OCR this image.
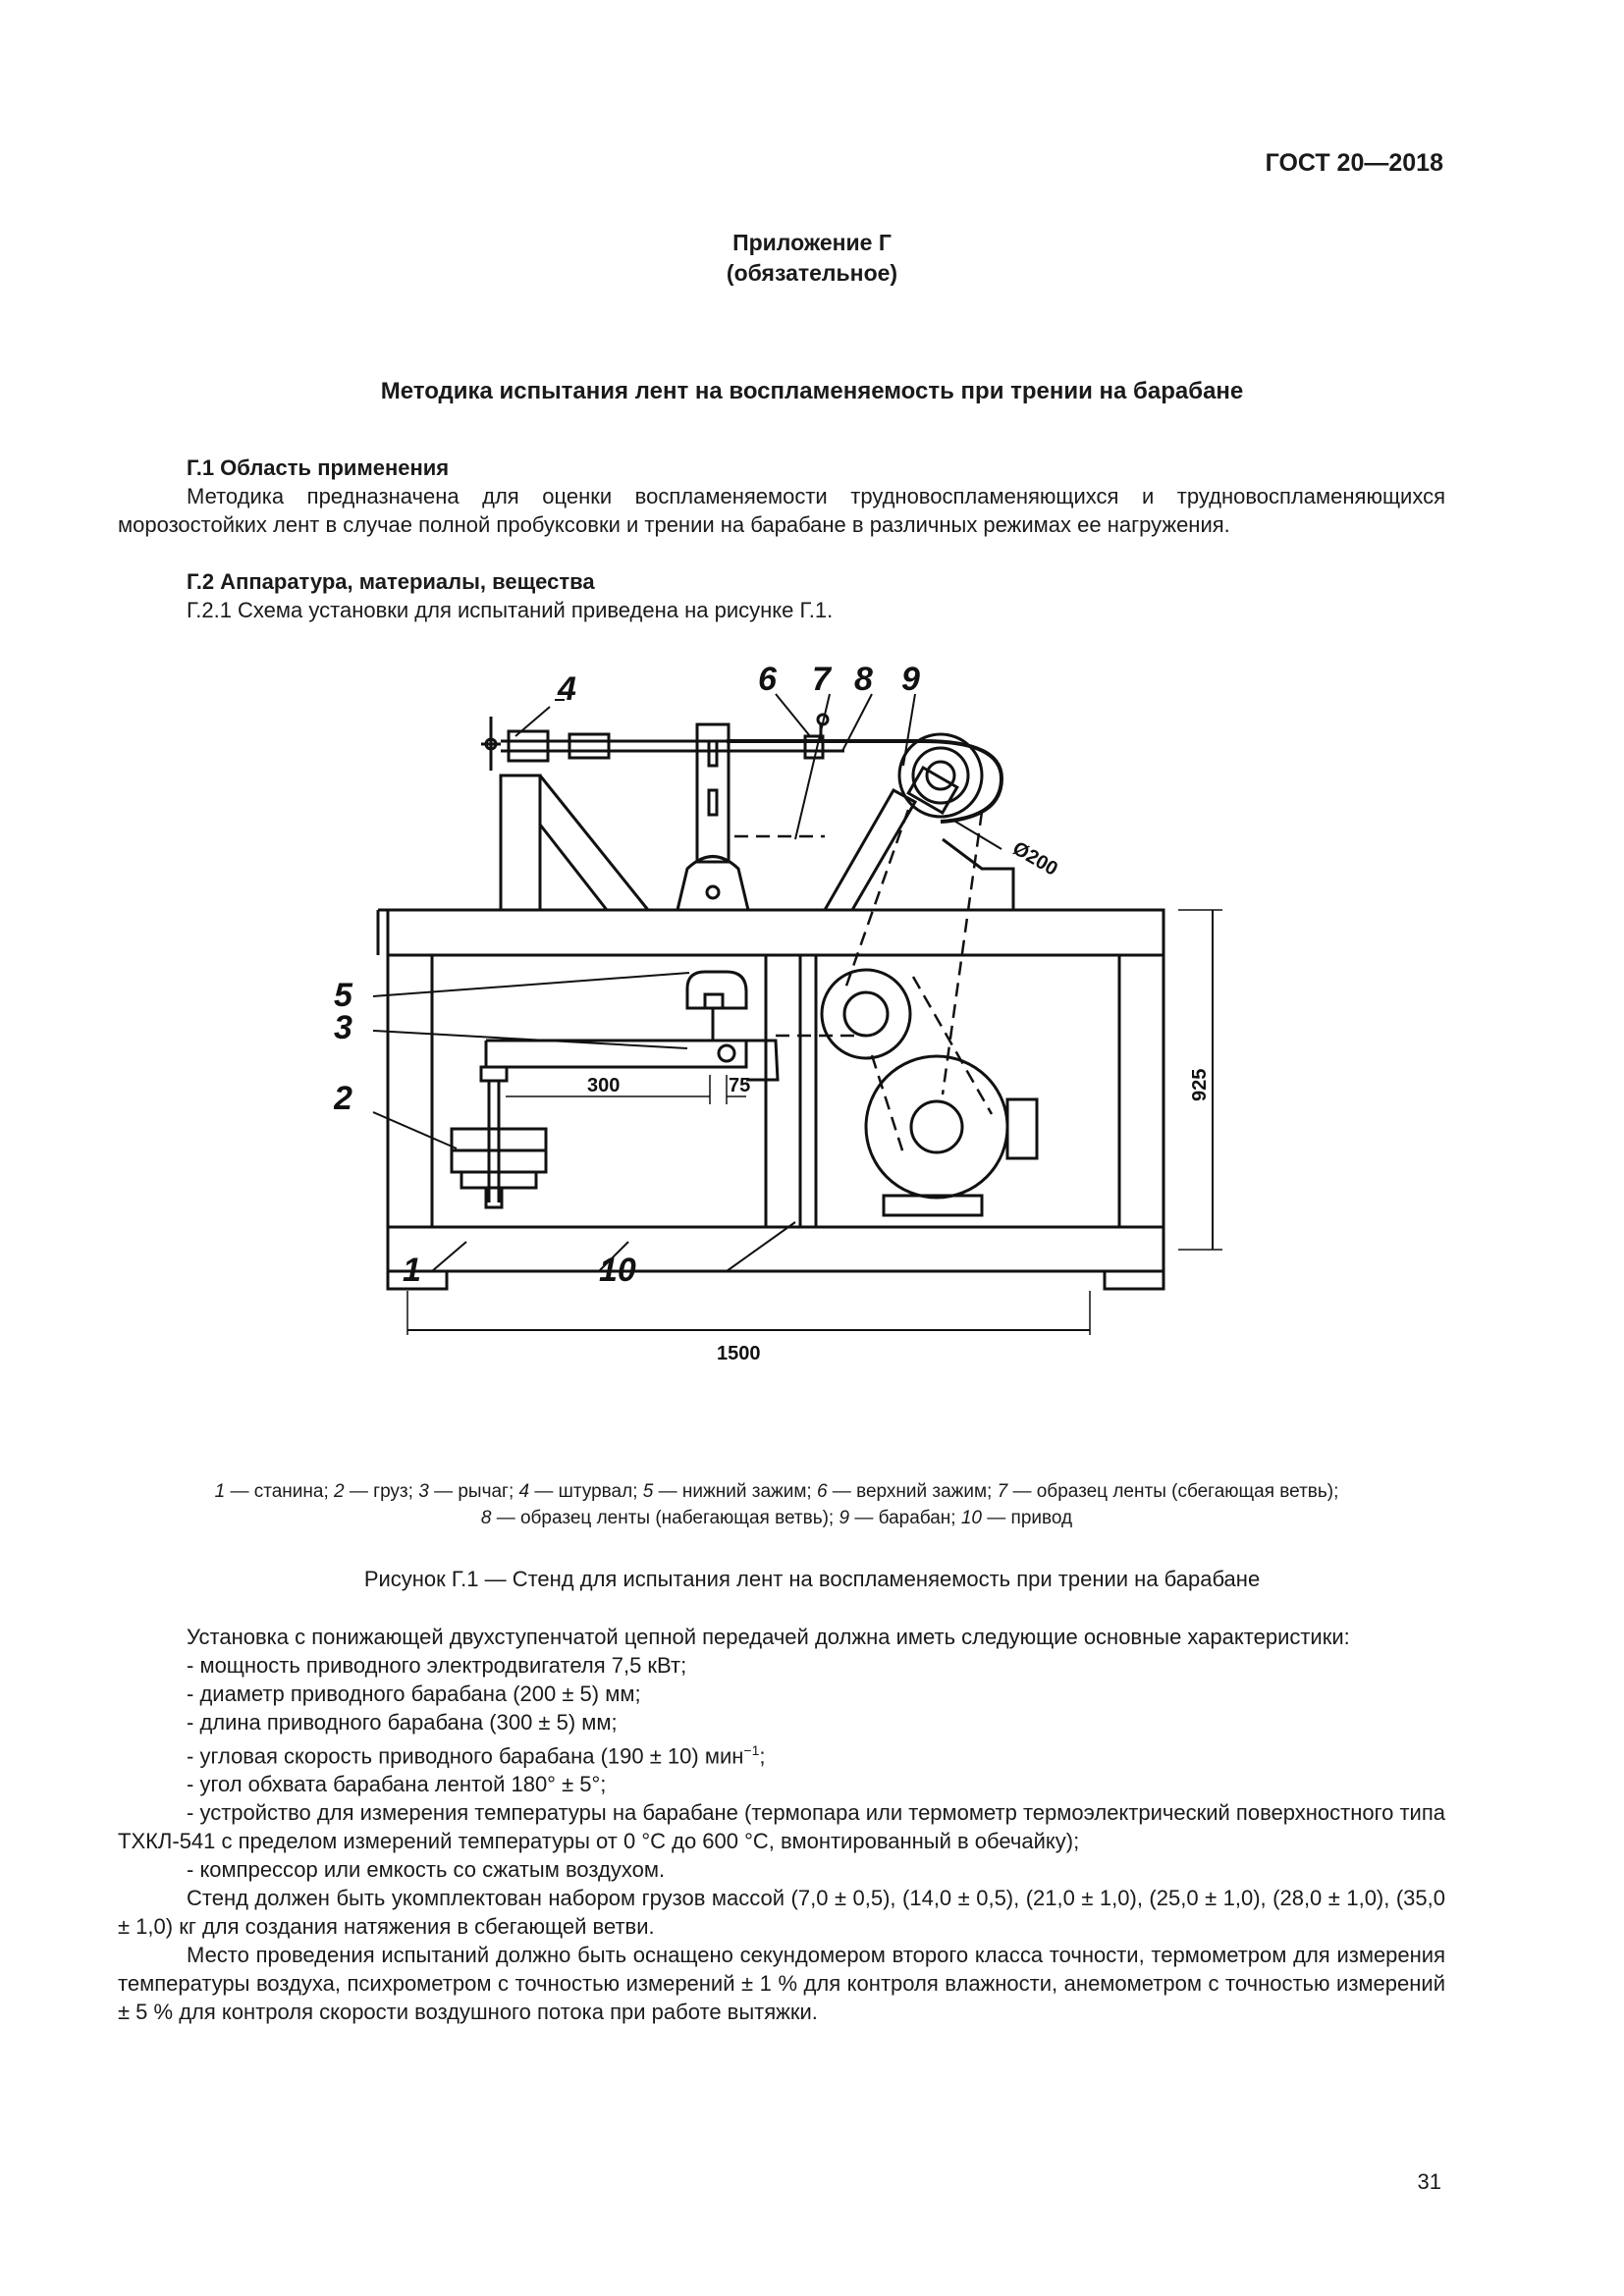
ГОСТ 20—2018
Приложение Г
(обязательное)
Методика испытания лент на воспламеняемость при трении на барабане

Г.1 Область применения

Методика предназначена для оценки воспламеняемости трудновоспламеняющихся и трудновоспламеняющихся морозостойких лент в случае полной пробуксовки и трении на барабане в различных режимах ее нагружения.

Г.2 Аппаратура, материалы, вещества

Г.2.1 Схема установки для испытаний приведена на рисунке Г.1.

4	6 7 8 9
5
3
2
1	10
1500
925
300	75
Ø200
1 — станина; 2 — груз; 3 — рычаг; 4 — штурвал; 5 — нижний зажим; 6 — верхний зажим; 7 — образец ленты (сбегающая ветвь);
8 — образец ленты (набегающая ветвь); 9 — барабан; 10 — привод
Рисунок Г.1 — Стенд для испытания лент на воспламеняемость при трении на барабане

Установка с понижающей двухступенчатой цепной передачей должна иметь следующие основные характеристики:

- мощность приводного электродвигателя 7,5 кВт;

- диаметр приводного барабана (200 ± 5) мм;

- длина приводного барабана (300 ± 5) мм;

- угловая скорость приводного барабана (190 ± 10) мин$^{-1}$;

- угол обхвата барабана лентой 180° ± 5°;

- устройство для измерения температуры на барабане (термопара или термометр термоэлектрический поверхностного типа ТХКЛ-541 с пределом измерений температуры от 0 °С до 600 °С, вмонтированный в обечайку);

- компрессор или емкость со сжатым воздухом.

Стенд должен быть укомплектован набором грузов массой (7,0 ± 0,5), (14,0 ± 0,5), (21,0 ± 1,0), (25,0 ± 1,0), (28,0 ± 1,0), (35,0 ± 1,0) кг для создания натяжения в сбегающей ветви.

Место проведения испытаний должно быть оснащено секундомером второго класса точности, термометром для измерения температуры воздуха, психрометром с точностью измерений ± 1 % для контроля влажности, анемометром с точностью измерений ± 5 % для контроля скорости воздушного потока при работе вытяжки.

31
